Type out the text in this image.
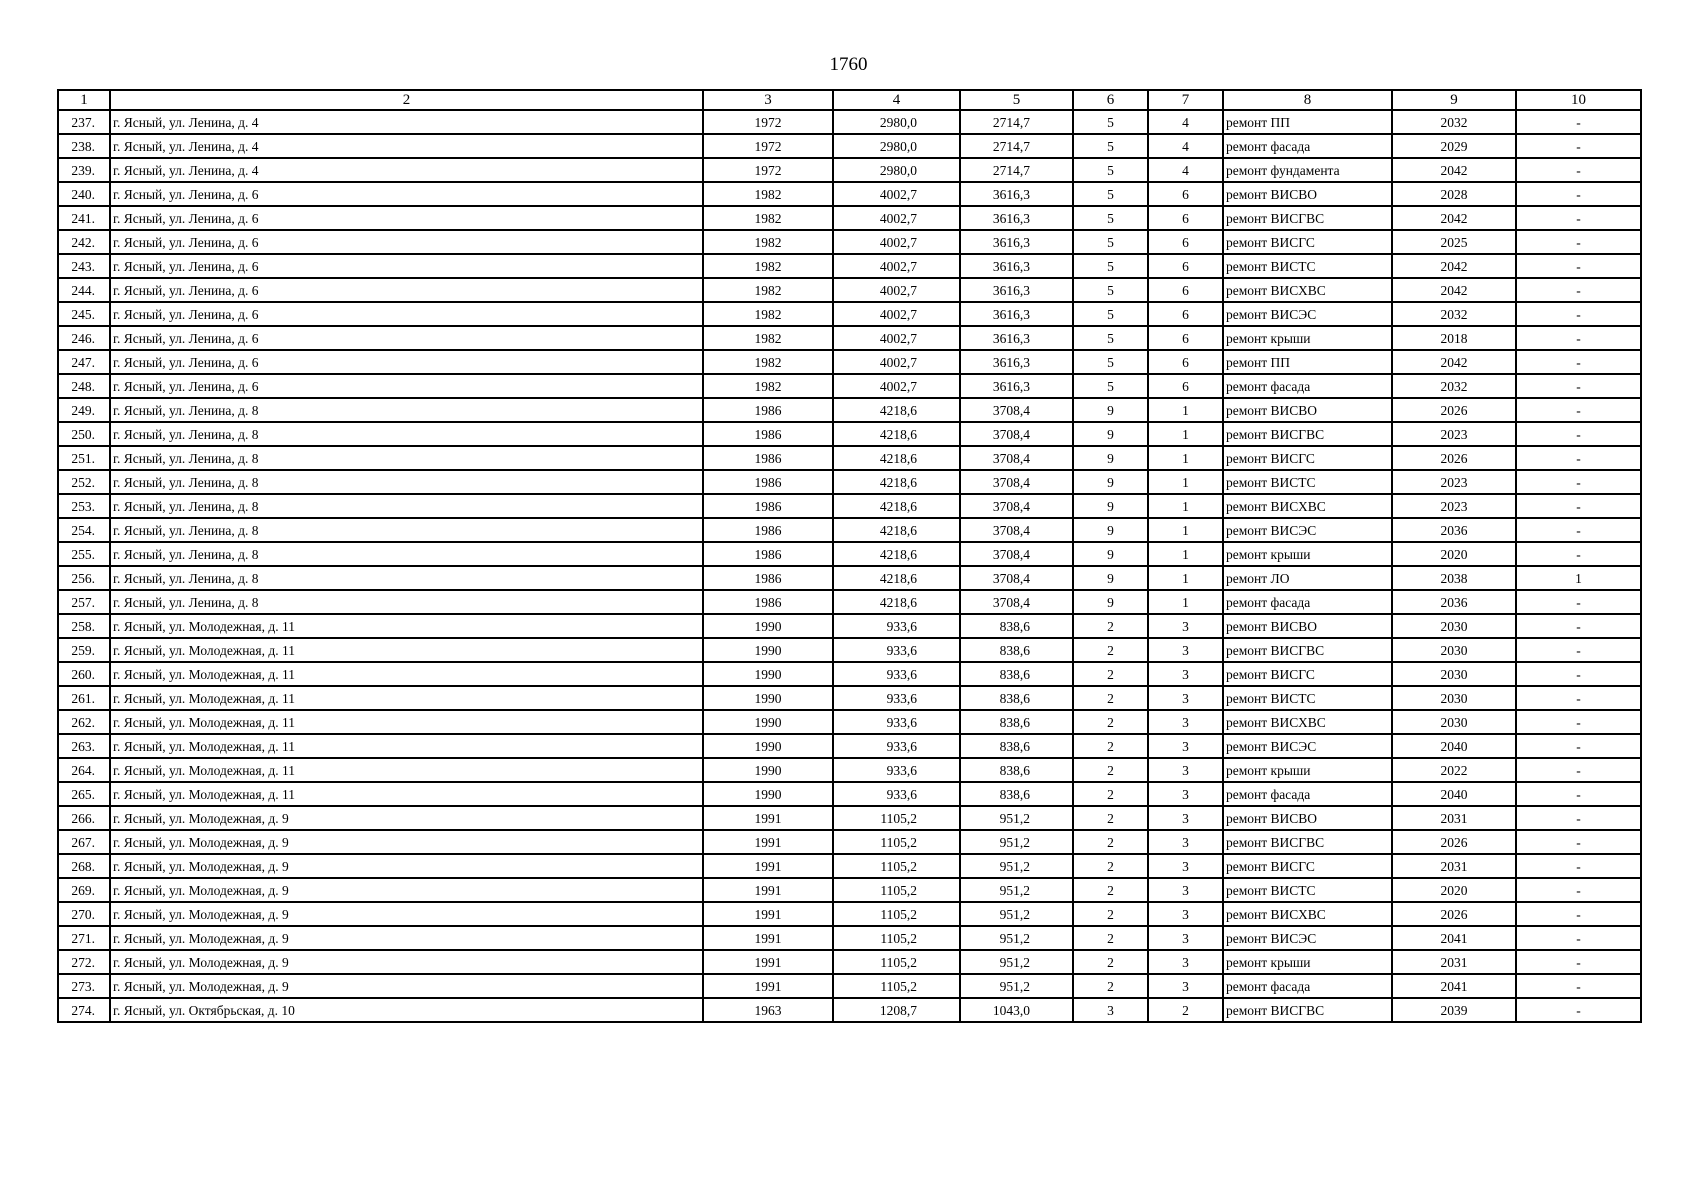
1760
1	2	3	4	5	6	7	8	9	10
237.	г. Ясный, ул. Ленина, д. 4	1972	2980,0	2714,7	5	4	ремонт ПП	2032	-
238.	г. Ясный, ул. Ленина, д. 4	1972	2980,0	2714,7	5	4	ремонт фасада	2029	-
239.	г. Ясный, ул. Ленина, д. 4	1972	2980,0	2714,7	5	4	ремонт фундамента	2042	-
240.	г. Ясный, ул. Ленина, д. 6	1982	4002,7	3616,3	5	6	ремонт ВИСВО	2028	-
241.	г. Ясный, ул. Ленина, д. 6	1982	4002,7	3616,3	5	6	ремонт ВИСГВС	2042	-
242.	г. Ясный, ул. Ленина, д. 6	1982	4002,7	3616,3	5	6	ремонт ВИСГС	2025	-
243.	г. Ясный, ул. Ленина, д. 6	1982	4002,7	3616,3	5	6	ремонт ВИСТС	2042	-
244.	г. Ясный, ул. Ленина, д. 6	1982	4002,7	3616,3	5	6	ремонт ВИСХВС	2042	-
245.	г. Ясный, ул. Ленина, д. 6	1982	4002,7	3616,3	5	6	ремонт ВИСЭС	2032	-
246.	г. Ясный, ул. Ленина, д. 6	1982	4002,7	3616,3	5	6	ремонт крыши	2018	-
247.	г. Ясный, ул. Ленина, д. 6	1982	4002,7	3616,3	5	6	ремонт ПП	2042	-
248.	г. Ясный, ул. Ленина, д. 6	1982	4002,7	3616,3	5	6	ремонт фасада	2032	-
249.	г. Ясный, ул. Ленина, д. 8	1986	4218,6	3708,4	9	1	ремонт ВИСВО	2026	-
250.	г. Ясный, ул. Ленина, д. 8	1986	4218,6	3708,4	9	1	ремонт ВИСГВС	2023	-
251.	г. Ясный, ул. Ленина, д. 8	1986	4218,6	3708,4	9	1	ремонт ВИСГС	2026	-
252.	г. Ясный, ул. Ленина, д. 8	1986	4218,6	3708,4	9	1	ремонт ВИСТС	2023	-
253.	г. Ясный, ул. Ленина, д. 8	1986	4218,6	3708,4	9	1	ремонт ВИСХВС	2023	-
254.	г. Ясный, ул. Ленина, д. 8	1986	4218,6	3708,4	9	1	ремонт ВИСЭС	2036	-
255.	г. Ясный, ул. Ленина, д. 8	1986	4218,6	3708,4	9	1	ремонт крыши	2020	-
256.	г. Ясный, ул. Ленина, д. 8	1986	4218,6	3708,4	9	1	ремонт ЛО	2038	1
257.	г. Ясный, ул. Ленина, д. 8	1986	4218,6	3708,4	9	1	ремонт фасада	2036	-
258.	г. Ясный, ул. Молодежная, д. 11	1990	933,6	838,6	2	3	ремонт ВИСВО	2030	-
259.	г. Ясный, ул. Молодежная, д. 11	1990	933,6	838,6	2	3	ремонт ВИСГВС	2030	-
260.	г. Ясный, ул. Молодежная, д. 11	1990	933,6	838,6	2	3	ремонт ВИСГС	2030	-
261.	г. Ясный, ул. Молодежная, д. 11	1990	933,6	838,6	2	3	ремонт ВИСТС	2030	-
262.	г. Ясный, ул. Молодежная, д. 11	1990	933,6	838,6	2	3	ремонт ВИСХВС	2030	-
263.	г. Ясный, ул. Молодежная, д. 11	1990	933,6	838,6	2	3	ремонт ВИСЭС	2040	-
264.	г. Ясный, ул. Молодежная, д. 11	1990	933,6	838,6	2	3	ремонт крыши	2022	-
265.	г. Ясный, ул. Молодежная, д. 11	1990	933,6	838,6	2	3	ремонт фасада	2040	-
266.	г. Ясный, ул. Молодежная, д. 9	1991	1105,2	951,2	2	3	ремонт ВИСВО	2031	-
267.	г. Ясный, ул. Молодежная, д. 9	1991	1105,2	951,2	2	3	ремонт ВИСГВС	2026	-
268.	г. Ясный, ул. Молодежная, д. 9	1991	1105,2	951,2	2	3	ремонт ВИСГС	2031	-
269.	г. Ясный, ул. Молодежная, д. 9	1991	1105,2	951,2	2	3	ремонт ВИСТС	2020	-
270.	г. Ясный, ул. Молодежная, д. 9	1991	1105,2	951,2	2	3	ремонт ВИСХВС	2026	-
271.	г. Ясный, ул. Молодежная, д. 9	1991	1105,2	951,2	2	3	ремонт ВИСЭС	2041	-
272.	г. Ясный, ул. Молодежная, д. 9	1991	1105,2	951,2	2	3	ремонт крыши	2031	-
273.	г. Ясный, ул. Молодежная, д. 9	1991	1105,2	951,2	2	3	ремонт фасада	2041	-
274.	г. Ясный, ул. Октябрьская, д. 10	1963	1208,7	1043,0	3	2	ремонт ВИСГВС	2039	-
